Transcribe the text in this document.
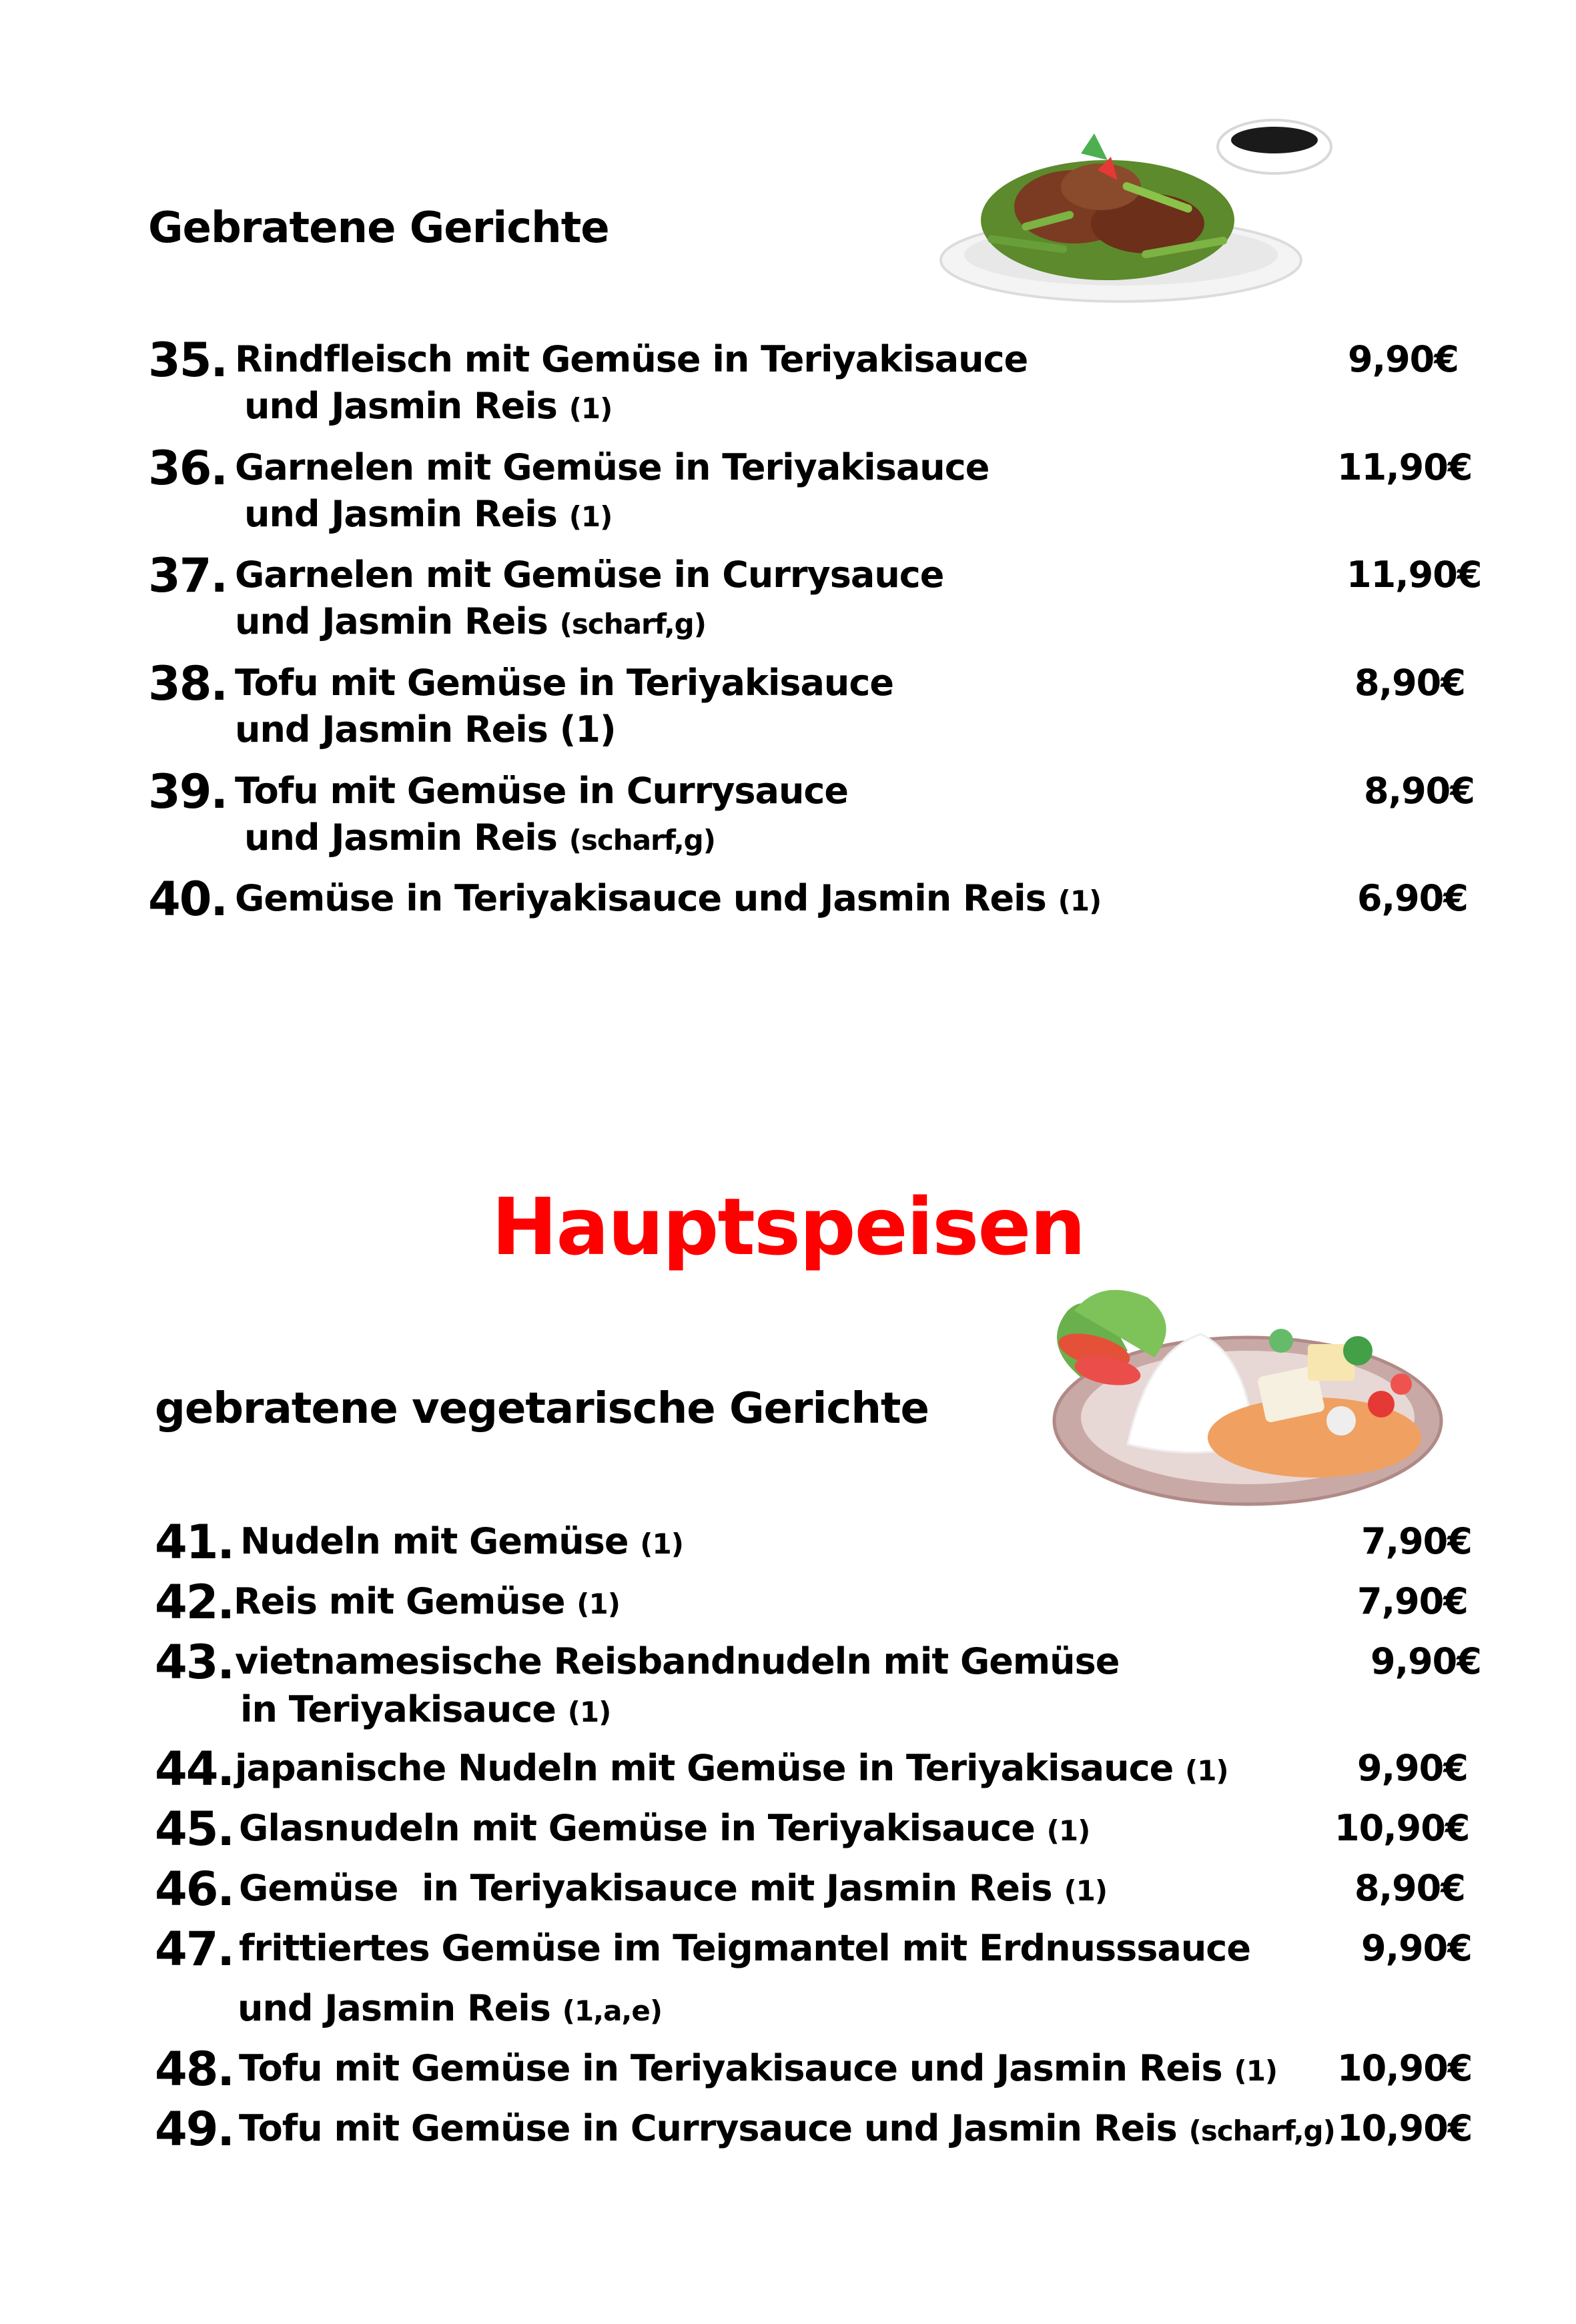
Gebratene Gerichte
35. Rindfleisch mit Gemüse in Teriyakisauce
und Jasmin Reis (1)
9,90€
36. Garnelen mit Gemüse in Teriyakisauce
und Jasmin Reis (1)
11,90€
37. Garnelen mit Gemüse in Currysauce
und Jasmin Reis (scharf,g)
11,90€
38. Tofu mit Gemüse in Teriyakisauce
und Jasmin Reis (1)
8,90€
39. Tofu mit Gemüse in Currysauce
und Jasmin Reis (scharf,g)
8,90€
40. Gemüse in Teriyakisauce und Jasmin Reis (1)	6,90€
Hauptspeisen
gebratene vegetarische Gerichte
41. Nudeln mit Gemüse (1)	7,90€
42. Reis mit Gemüse (1)	7,90€
43. vietnamesische Reisbandnudeln mit Gemüse
in Teriyakisauce (1)
9,90€
44. japanische Nudeln mit Gemüse in Teriyakisauce (1)	9,90€
45. Glasnudeln mit Gemüse in Teriyakisauce (1)	10,90€
46. Gemüse  in Teriyakisauce mit Jasmin Reis (1)	8,90€
47. frittiertes Gemüse im Teigmantel mit Erdnusssauce
und Jasmin Reis (1,a,e)
9,90€
48. Tofu mit Gemüse in Teriyakisauce und Jasmin Reis (1) 10,90€
49. Tofu mit Gemüse in Currysauce und Jasmin Reis (scharf,g) 10,90€
